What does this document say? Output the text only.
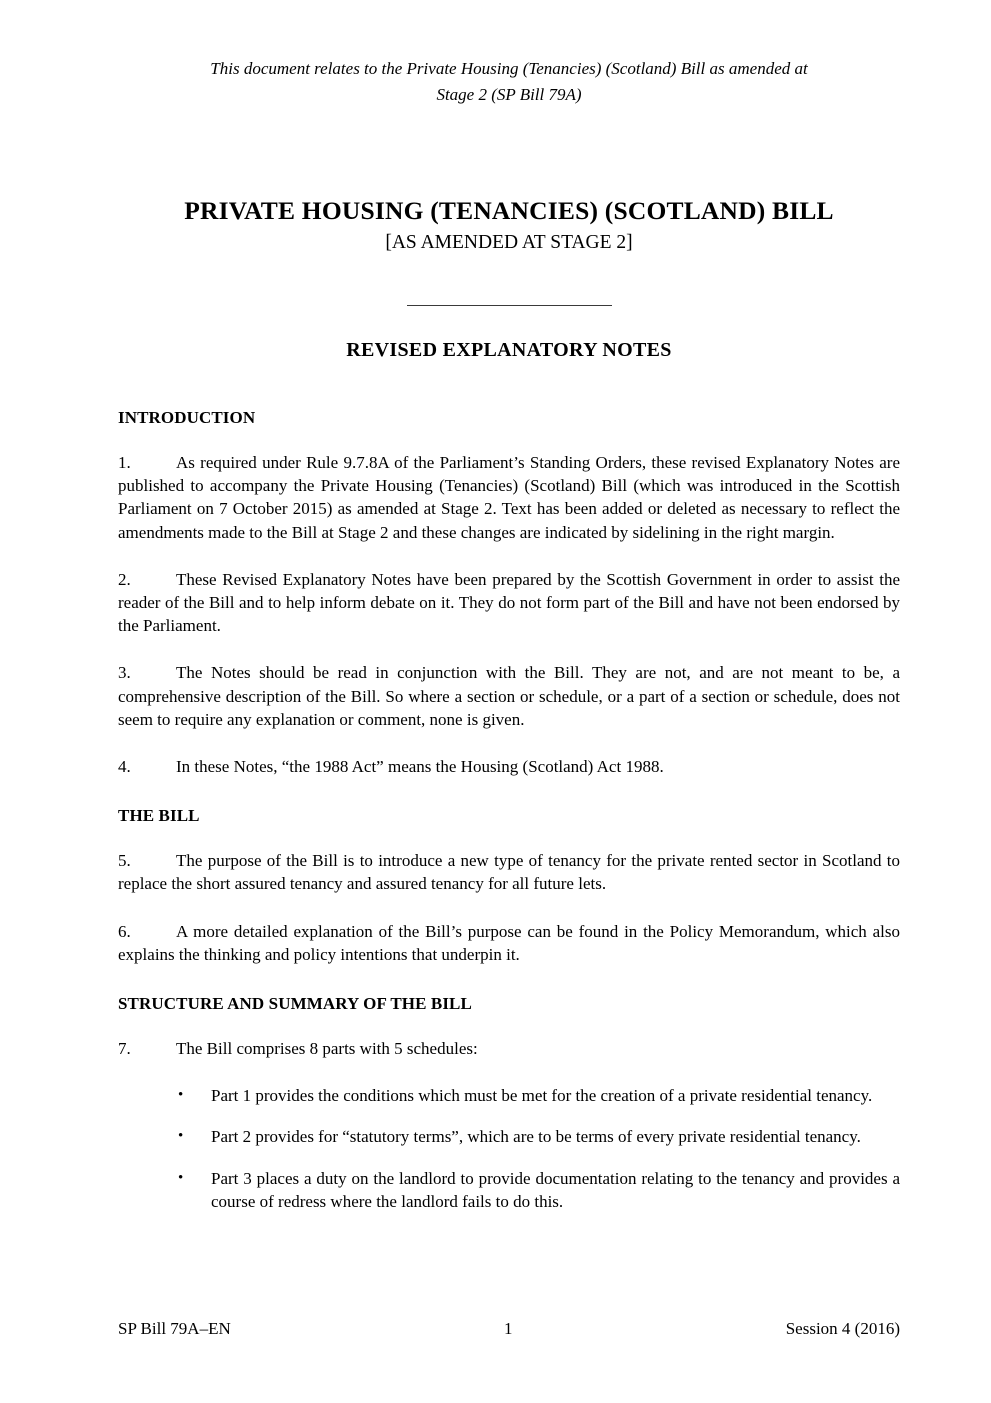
This document relates to the Private Housing (Tenancies) (Scotland) Bill as amended at
Stage 2 (SP Bill 79A)
PRIVATE HOUSING (TENANCIES) (SCOTLAND) BILL
[AS AMENDED AT STAGE 2]
REVISED EXPLANATORY NOTES
INTRODUCTION

1.	As required under Rule 9.7.8A of the Parliament’s Standing Orders, these revised Explanatory Notes are published to accompany the Private Housing (Tenancies) (Scotland) Bill (which was introduced in the Scottish Parliament on 7 October 2015) as amended at Stage 2. Text has been added or deleted as necessary to reflect the amendments made to the Bill at Stage 2 and these changes are indicated by sidelining in the right margin.

2.	These Revised Explanatory Notes have been prepared by the Scottish Government in order to assist the reader of the Bill and to help inform debate on it. They do not form part of the Bill and have not been endorsed by the Parliament.

3.	The Notes should be read in conjunction with the Bill. They are not, and are not meant to be, a comprehensive description of the Bill. So where a section or schedule, or a part of a section or schedule, does not seem to require any explanation or comment, none is given.

4.	In these Notes, “the 1988 Act” means the Housing (Scotland) Act 1988.

THE BILL

5.	The purpose of the Bill is to introduce a new type of tenancy for the private rented sector in Scotland to replace the short assured tenancy and assured tenancy for all future lets.

6.	A more detailed explanation of the Bill’s purpose can be found in the Policy Memorandum, which also explains the thinking and policy intentions that underpin it.

STRUCTURE AND SUMMARY OF THE BILL

7.	The Bill comprises 8 parts with 5 schedules:

• Part 1 provides the conditions which must be met for the creation of a private residential tenancy.
• Part 2 provides for “statutory terms”, which are to be terms of every private residential tenancy.
• Part 3 places a duty on the landlord to provide documentation relating to the tenancy and provides a course of redress where the landlord fails to do this.
SP Bill 79A–EN	1	Session 4 (2016)
